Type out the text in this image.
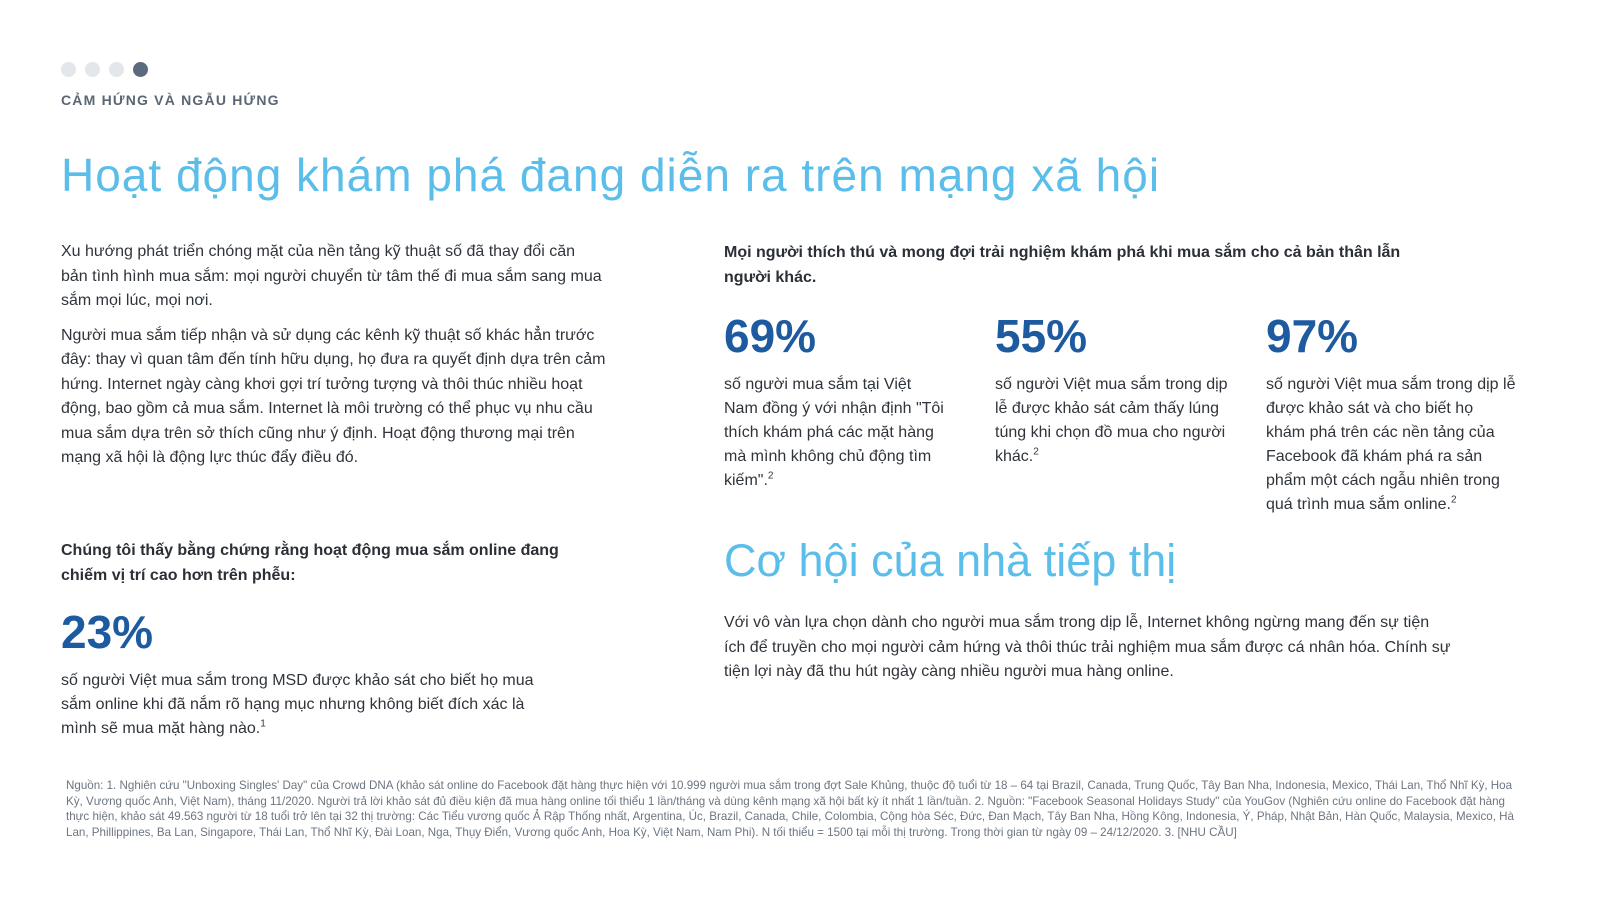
CẢM HỨNG VÀ NGẪU HỨNG
Hoạt động khám phá đang diễn ra trên mạng xã hội

Xu hướng phát triển chóng mặt của nền tảng kỹ thuật số đã thay đổi căn bản tình hình mua sắm: mọi người chuyển từ tâm thế đi mua sắm sang mua sắm mọi lúc, mọi nơi.

Người mua sắm tiếp nhận và sử dụng các kênh kỹ thuật số khác hẳn trước đây: thay vì quan tâm đến tính hữu dụng, họ đưa ra quyết định dựa trên cảm hứng. Internet ngày càng khơi gợi trí tưởng tượng và thôi thúc nhiều hoạt động, bao gồm cả mua sắm. Internet là môi trường có thể phục vụ nhu cầu mua sắm dựa trên sở thích cũng như ý định. Hoạt động thương mại trên mạng xã hội là động lực thúc đẩy điều đó.

Chúng tôi thấy bằng chứng rằng hoạt động mua sắm online đang chiếm vị trí cao hơn trên phễu:

23%

số người Việt mua sắm trong MSD được khảo sát cho biết họ mua sắm online khi đã nắm rõ hạng mục nhưng không biết đích xác là mình sẽ mua mặt hàng nào.$^1$

Mọi người thích thú và mong đợi trải nghiệm khám phá khi mua sắm cho cả bản thân lẫn người khác.

69%

số người mua sắm tại Việt Nam đồng ý với nhận định "Tôi thích khám phá các mặt hàng mà mình không chủ động tìm kiếm".$^2$

55%

số người Việt mua sắm trong dịp lễ được khảo sát cảm thấy lúng túng khi chọn đồ mua cho người khác.$^2$

97%

số người Việt mua sắm trong dịp lễ được khảo sát và cho biết họ khám phá trên các nền tảng của Facebook đã khám phá ra sản phẩm một cách ngẫu nhiên trong quá trình mua sắm online.$^2$

Cơ hội của nhà tiếp thị

Với vô vàn lựa chọn dành cho người mua sắm trong dịp lễ, Internet không ngừng mang đến sự tiện ích để truyền cho mọi người cảm hứng và thôi thúc trải nghiệm mua sắm được cá nhân hóa. Chính sự tiện lợi này đã thu hút ngày càng nhiều người mua hàng online.

Nguồn: 1. Nghiên cứu "Unboxing Singles' Day" của Crowd DNA (khảo sát online do Facebook đặt hàng thực hiện với 10.999 người mua sắm trong đợt Sale Khủng, thuộc độ tuổi từ 18 – 64 tại Brazil, Canada, Trung Quốc, Tây Ban Nha, Indonesia, Mexico, Thái Lan, Thổ Nhĩ Kỳ, Hoa Kỳ, Vương quốc Anh, Việt Nam), tháng 11/2020. Người trả lời khảo sát đủ điều kiện đã mua hàng online tối thiểu 1 lần/tháng và dùng kênh mạng xã hội bất kỳ ít nhất 1 lần/tuần. 2. Nguồn: "Facebook Seasonal Holidays Study" của YouGov (Nghiên cứu online do Facebook đặt hàng thực hiện, khảo sát 49.563 người từ 18 tuổi trở lên tại 32 thị trường: Các Tiểu vương quốc Ả Rập Thống nhất, Argentina, Úc, Brazil, Canada, Chile, Colombia, Cộng hòa Séc, Đức, Đan Mạch, Tây Ban Nha, Hồng Kông, Indonesia, Ý, Pháp, Nhật Bản, Hàn Quốc, Malaysia, Mexico, Hà Lan, Phillippines, Ba Lan, Singapore, Thái Lan, Thổ Nhĩ Kỳ, Đài Loan, Nga, Thụy Điển, Vương quốc Anh, Hoa Kỳ, Việt Nam, Nam Phi). N tối thiểu = 1500 tại mỗi thị trường. Trong thời gian từ ngày 09 – 24/12/2020. 3. [NHU CẦU]
